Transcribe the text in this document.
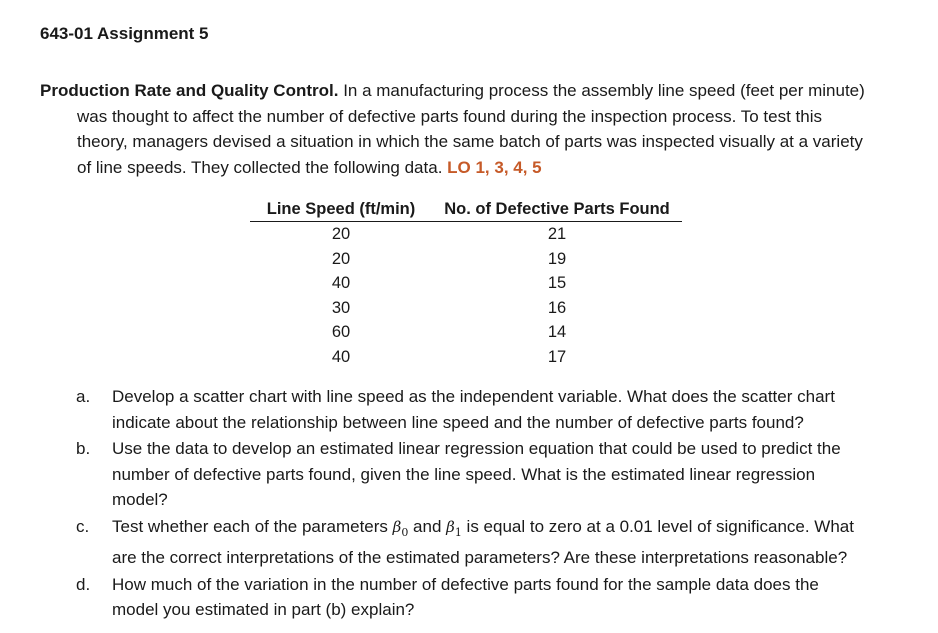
643-01 Assignment 5
Production Rate and Quality Control. In a manufacturing process the assembly line speed (feet per minute)
was thought to affect the number of defective parts found during the inspection process. To test this
theory, managers devised a situation in which the same batch of parts was inspected visually at a variety
of line speeds. They collected the following data. LO 1, 3, 4, 5
Line Speed (ft/min)	No. of Defective Parts Found
20	21
20	19
40	15
30	16
60	14
40	17
a. Develop a scatter chart with line speed as the independent variable. What does the scatter chart
indicate about the relationship between line speed and the number of defective parts found?
b. Use the data to develop an estimated linear regression equation that could be used to predict the
number of defective parts found, given the line speed. What is the estimated linear regression
model?
c. Test whether each of the parameters $\beta_0$ and $\beta_1$ is equal to zero at a 0.01 level of significance. What
are the correct interpretations of the estimated parameters? Are these interpretations reasonable?
d. How much of the variation in the number of defective parts found for the sample data does the
model you estimated in part (b) explain?
